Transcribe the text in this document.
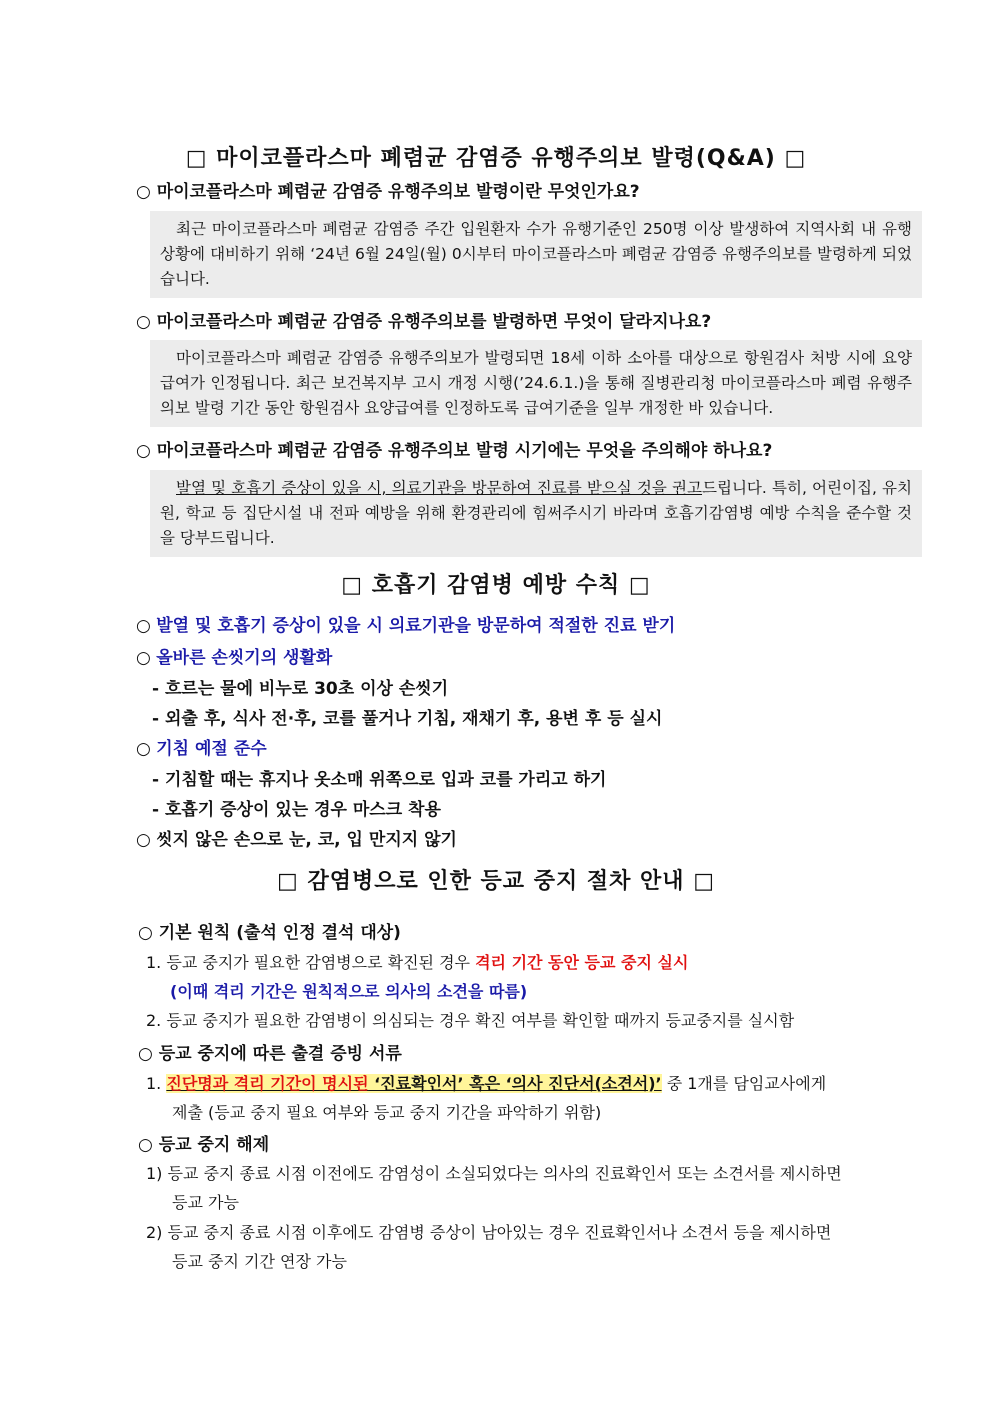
□ 마이코플라스마 폐렴균 감염증 유행주의보 발령(Q&A) □
○ 마이코플라스마 폐렴균 감염증 유행주의보 발령이란 무엇인가요?
최근 마이코플라스마 폐렴균 감염증 주간 입원환자 수가 유행기준인 250명 이상 발생하여 지역사회 내 유행상황에 대비하기 위해 ‘24년 6월 24일(월) 0시부터 마이코플라스마 폐렴균 감염증 유행주의보를 발령하게 되었습니다.
○ 마이코플라스마 폐렴균 감염증 유행주의보를 발령하면 무엇이 달라지나요?
마이코플라스마 폐렴균 감염증 유행주의보가 발령되면 18세 이하 소아를 대상으로 항원검사 처방 시에 요양급여가 인정됩니다. 최근 보건복지부 고시 개정 시행(’24.6.1.)을 통해 질병관리청 마이코플라스마 폐렴 유행주의보 발령 기간 동안 항원검사 요양급여를 인정하도록 급여기준을 일부 개정한 바 있습니다.
○ 마이코플라스마 폐렴균 감염증 유행주의보 발령 시기에는 무엇을 주의해야 하나요?
발열 및 호흡기 증상이 있을 시, 의료기관을 방문하여 진료를 받으실 것을 권고드립니다. 특히, 어린이집, 유치원, 학교 등 집단시설 내 전파 예방을 위해 환경관리에 힘써주시기 바라며 호흡기감염병 예방 수칙을 준수할 것을 당부드립니다.
□ 호흡기 감염병 예방 수칙 □
○ 발열 및 호흡기 증상이 있을 시 의료기관을 방문하여 적절한 진료 받기
○ 올바른 손씻기의 생활화
- 흐르는 물에 비누로 30초 이상 손씻기
- 외출 후, 식사 전·후, 코를 풀거나 기침, 재채기 후, 용변 후 등 실시
○ 기침 예절 준수
- 기침할 때는 휴지나 옷소매 위쪽으로 입과 코를 가리고 하기
- 호흡기 증상이 있는 경우 마스크 착용
○ 씻지 않은 손으로 눈, 코, 입 만지지 않기
□ 감염병으로 인한 등교 중지 절차 안내 □
○ 기본 원칙 (출석 인정 결석 대상)
1. 등교 중지가 필요한 감염병으로 확진된 경우 격리 기간 동안 등교 중지 실시
(이때 격리 기간은 원칙적으로 의사의 소견을 따름)
2. 등교 중지가 필요한 감염병이 의심되는 경우 확진 여부를 확인할 때까지 등교중지를 실시함
○ 등교 중지에 따른 출결 증빙 서류
1. 진단명과 격리 기간이 명시된 ‘진료확인서’ 혹은 ‘의사 진단서(소견서)’ 중 1개를 담임교사에게
제출 (등교 중지 필요 여부와 등교 중지 기간을 파악하기 위함)
○ 등교 중지 해제
1) 등교 중지 종료 시점 이전에도 감염성이 소실되었다는 의사의 진료확인서 또는 소견서를 제시하면
등교 가능
2) 등교 중지 종료 시점 이후에도 감염병 증상이 남아있는 경우 진료확인서나 소견서 등을 제시하면
등교 중지 기간 연장 가능
